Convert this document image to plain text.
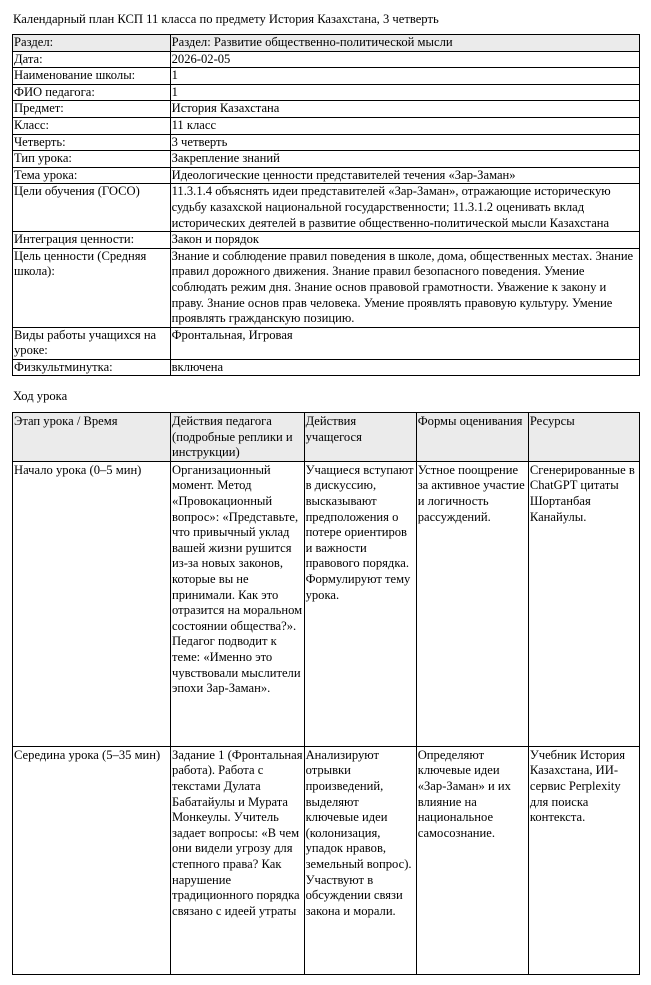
Календарный план КСП 11 класса по предмету История Казахстана, 3 четверть
Раздел:	Раздел: Развитие общественно-политической мысли
Дата:	2026-02-05
Наименование школы:	1
ФИО педагога:	1
Предмет:	История Казахстана
Класс:	11 класс
Четверть:	3 четверть
Тип урока:	Закрепление знаний
Тема урока:	Идеологические ценности представителей течения «Зар-Заман»
Цели обучения (ГОСО)	11.3.1.4 объяснять идеи представителей «Зар-Заман», отражающие историческую судьбу казахской национальной государственности; 11.3.1.2 оценивать вклад исторических деятелей в развитие общественно-политической мысли Казахстана
Интеграция ценности:	Закон и порядок
Цель ценности (Средняя школа):	Знание и соблюдение правил поведения в школе, дома, общественных местах. Знание правил дорожного движения. Знание правил безопасного поведения. Умение соблюдать режим дня. Знание основ правовой грамотности. Уважение к закону и праву. Знание основ прав человека. Умение проявлять правовую культуру. Умение проявлять гражданскую позицию.
Виды работы учащихся на уроке:	Фронтальная, Игровая
Физкультминутка:	включена
Ход урока
Этап урока / Время	Действия педагога (подробные реплики и инструкции)	Действия учащегося	Формы оценивания	Ресурсы
Начало урока (0–5 мин)	Организационный момент. Метод «Провокационный вопрос»: «Представьте, что привычный уклад вашей жизни рушится из-за новых законов, которые вы не принимали. Как это отразится на моральном состоянии общества?». Педагог подводит к теме: «Именно это чувствовали мыслители эпохи Зар-Заман».	Учащиеся вступают в дискуссию, высказывают предположения о потере ориентиров и важности правового порядка. Формулируют тему урока.	Устное поощрение за активное участие и логичность рассуждений.	Сгенерированные в ChatGPT цитаты Шортанбая Канайулы.
Середина урока (5–35 мин)	Задание 1 (Фронтальная работа). Работа с текстами Дулата Бабатайулы и Мурата Монкеулы. Учитель задает вопросы: «В чем они видели угрозу для степного права? Как нарушение традиционного порядка связано с идеей утраты	Анализируют отрывки произведений, выделяют ключевые идеи (колонизация, упадок нравов, земельный вопрос). Участвуют в обсуждении связи закона и морали.	Определяют ключевые идеи «Зар-Заман» и их влияние на национальное самосознание.	Учебник История Казахстана, ИИ-сервис Perplexity для поиска контекста.
